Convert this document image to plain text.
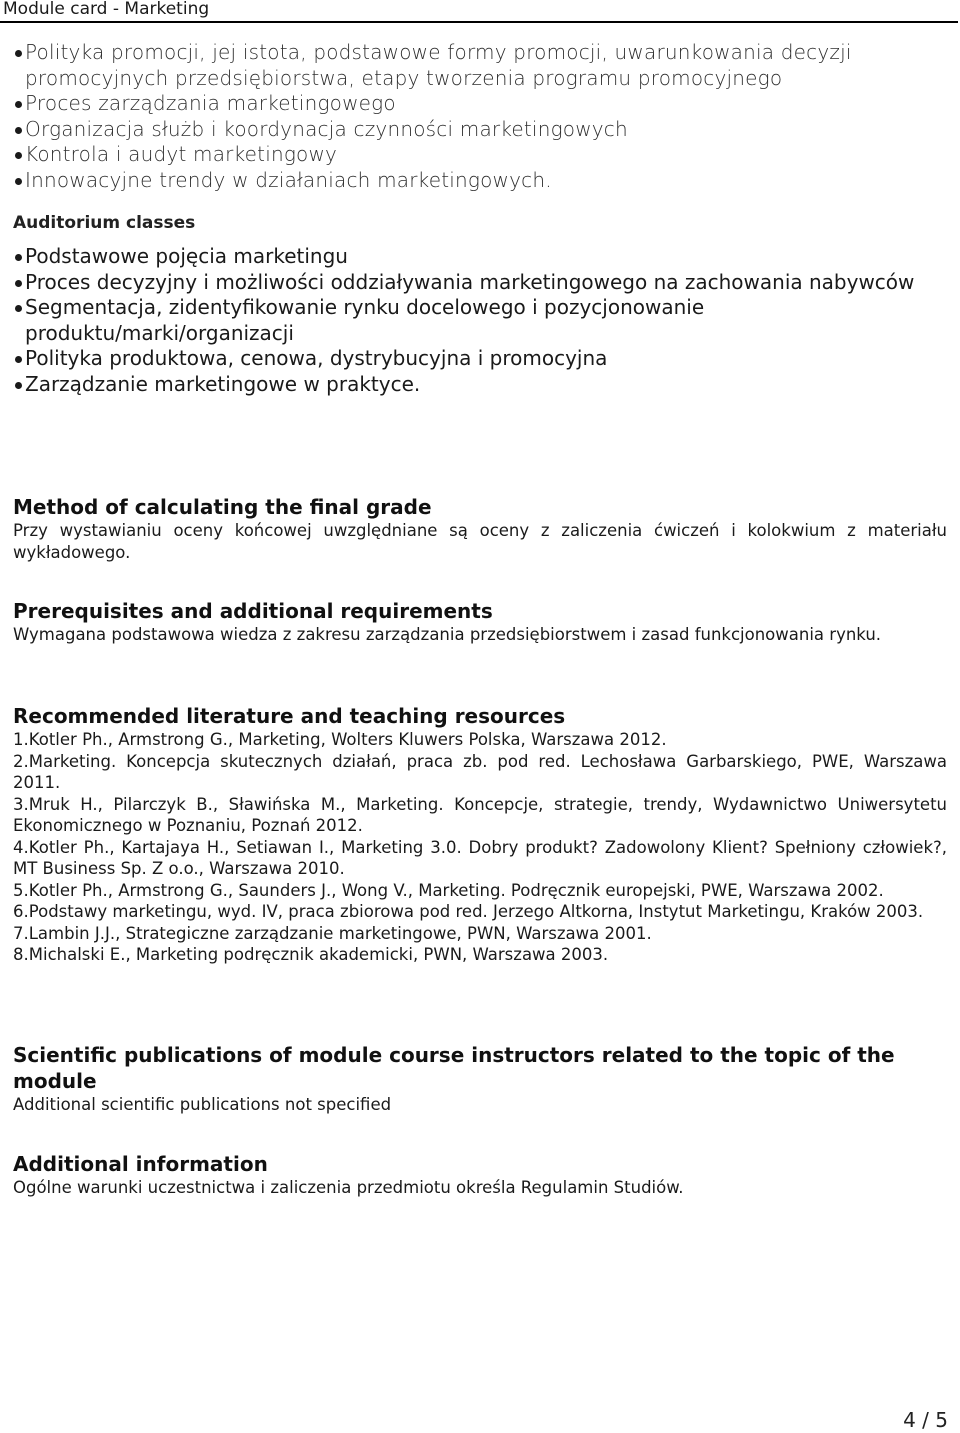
Module card - Marketing
Polityka promocji, jej istota, podstawowe formy promocji, uwarunkowania decyzji promocyjnych przedsiębiorstwa, etapy tworzenia programu promocyjnego
Proces zarządzania marketingowego
Organizacja służb i koordynacja czynności marketingowych
Kontrola i audyt marketingowy
Innowacyjne trendy w działaniach marketingowych.
Auditorium classes
Podstawowe pojęcia marketingu
Proces decyzyjny i możliwości oddziaływania marketingowego na zachowania nabywców
Segmentacja, zidentyfikowanie rynku docelowego i pozycjonowanie produktu/marki/organizacji
Polityka produktowa, cenowa, dystrybucyjna i promocyjna
Zarządzanie marketingowe w praktyce.
Method of calculating the final grade

Przy wystawianiu oceny końcowej uwzględniane są oceny z zaliczenia ćwiczeń i kolokwium z materiału wykładowego.

Prerequisites and additional requirements

Wymagana podstawowa wiedza z zakresu zarządzania przedsiębiorstwem i zasad funkcjonowania rynku.

Recommended literature and teaching resources
1.Kotler Ph., Armstrong G., Marketing, Wolters Kluwers Polska, Warszawa 2012.
2.Marketing. Koncepcja skutecznych działań, praca zb. pod red. Lechosława Garbarskiego, PWE, Warszawa 2011.
3.Mruk H., Pilarczyk B., Sławińska M., Marketing. Koncepcje, strategie, trendy, Wydawnictwo Uniwersytetu Ekonomicznego w Poznaniu, Poznań 2012.
4.Kotler Ph., Kartajaya H., Setiawan I., Marketing 3.0. Dobry produkt? Zadowolony Klient? Spełniony człowiek?, MT Business Sp. Z o.o., Warszawa 2010.
5.Kotler Ph., Armstrong G., Saunders J., Wong V., Marketing. Podręcznik europejski, PWE, Warszawa 2002.
6.Podstawy marketingu, wyd. IV, praca zbiorowa pod red. Jerzego Altkorna, Instytut Marketingu, Kraków 2003.
7.Lambin J.J., Strategiczne zarządzanie marketingowe, PWN, Warszawa 2001.
8.Michalski E., Marketing podręcznik akademicki, PWN, Warszawa 2003.
Scientific publications of module course instructors related to the topic of the module

Additional scientific publications not specified

Additional information

Ogólne warunki uczestnictwa i zaliczenia przedmiotu określa Regulamin Studiów.

4 / 5
